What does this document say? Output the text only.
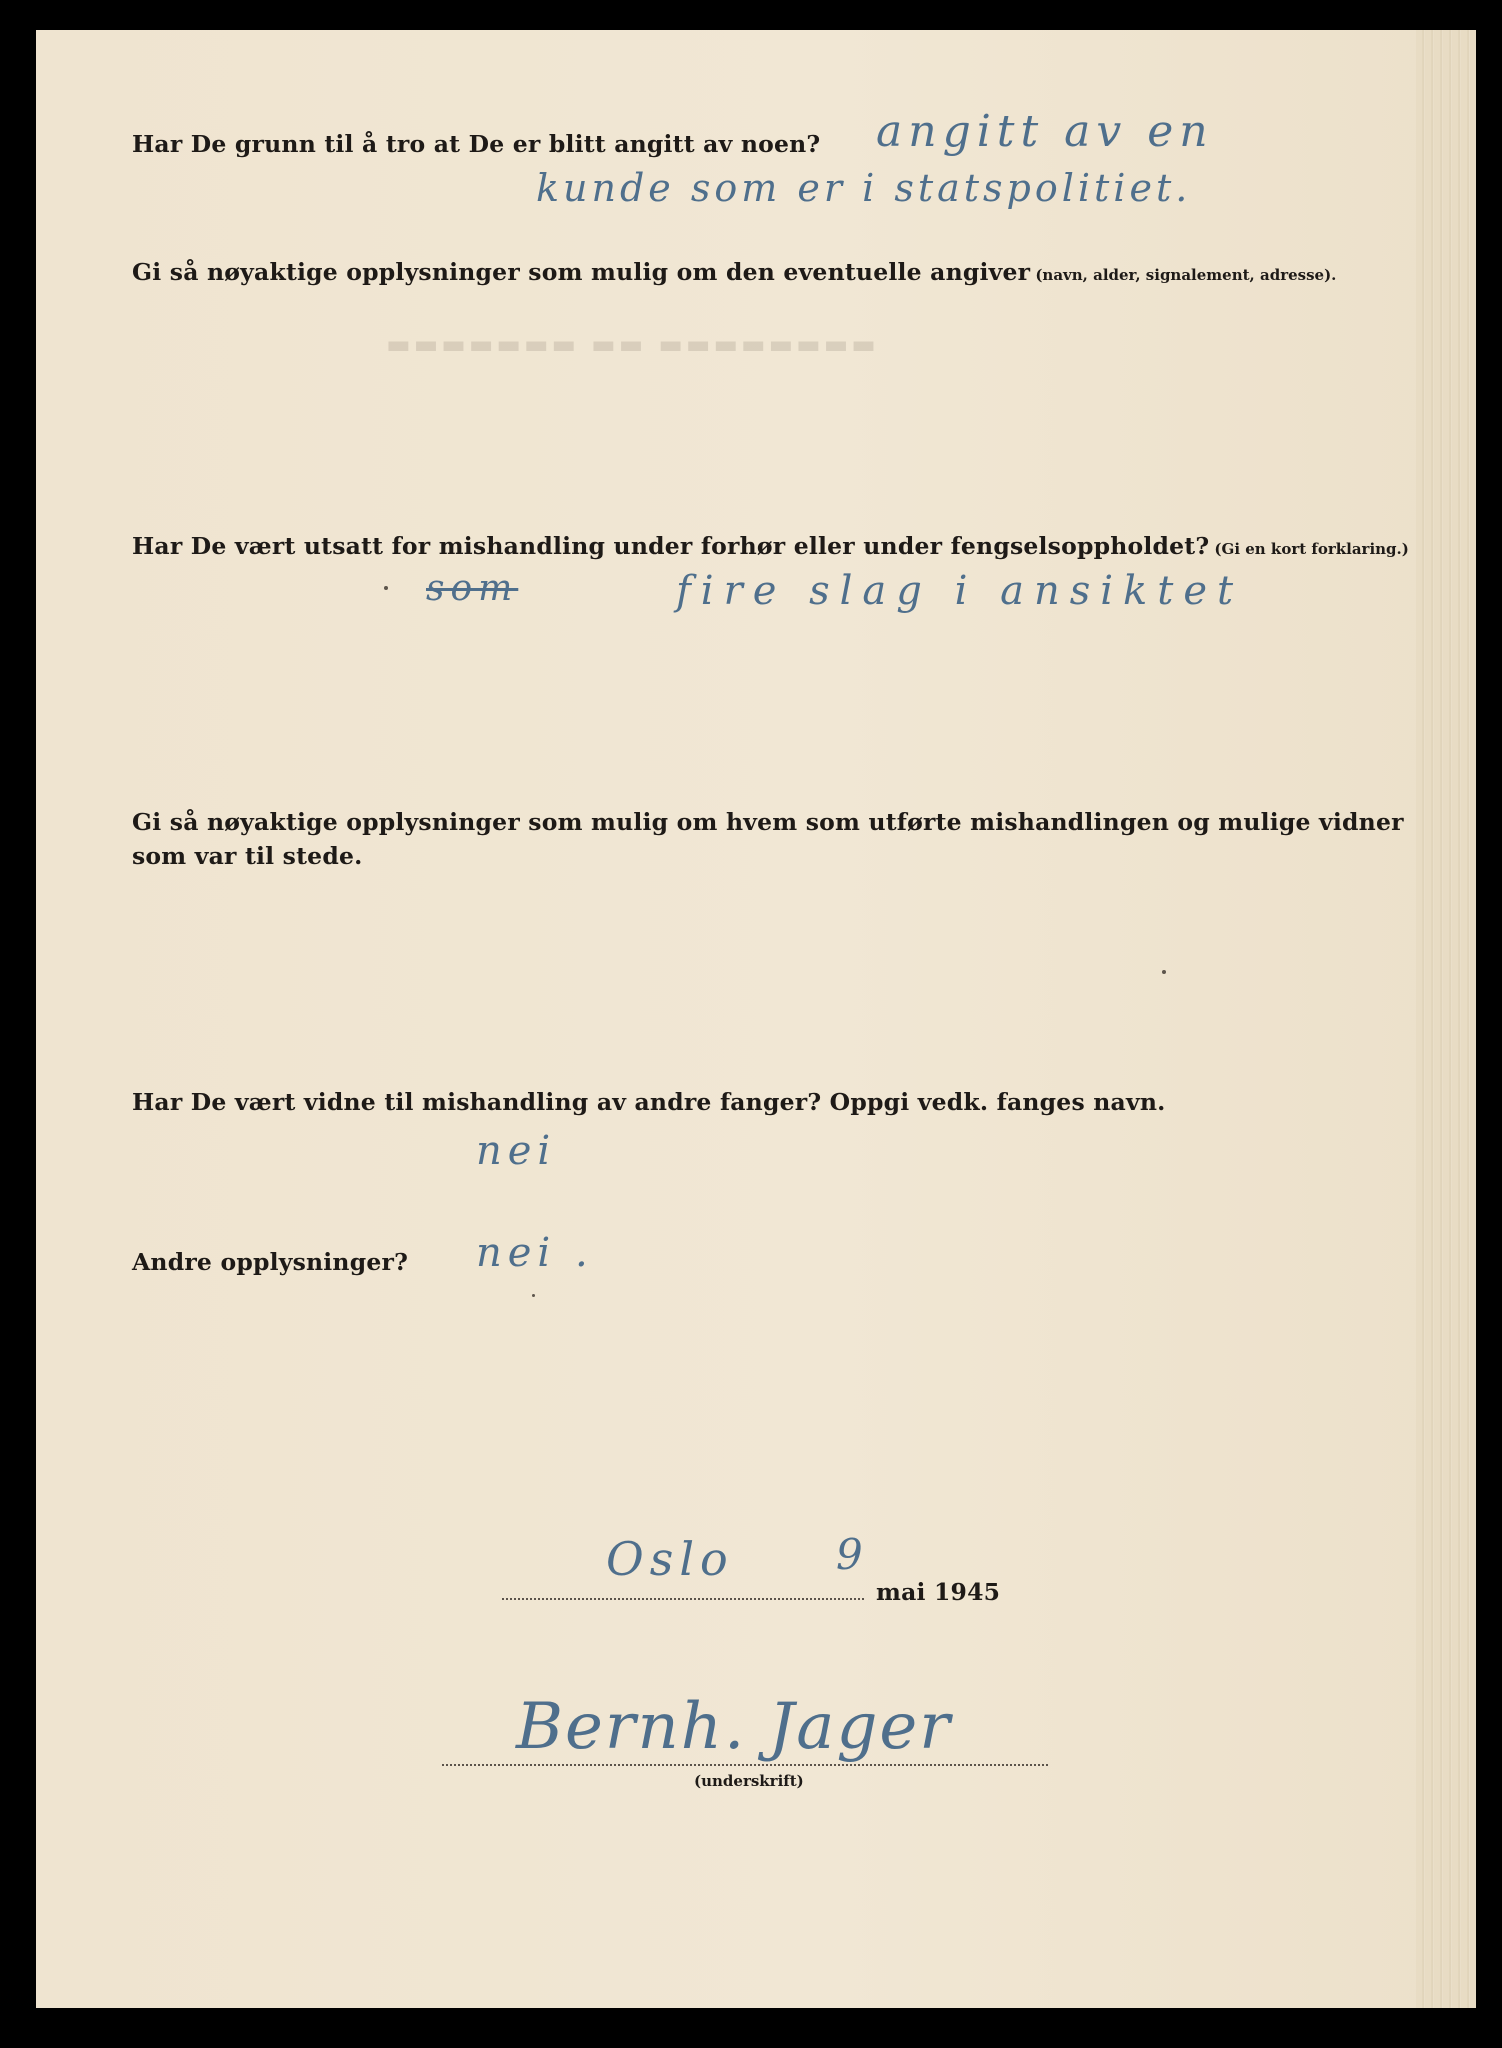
Har De grunn til å tro at De er blitt angitt av noen? angitt av en
kunde som er i statspolitiet.
Gi så nøyaktige opplysninger som mulig om den eventuelle angiver (navn, alder, signalement, adresse).
▬▬▬▬▬▬▬ ▬▬ ▬▬▬▬▬▬▬▬
Har De vært utsatt for mishandling under forhør eller under fengselsoppholdet? (Gi en kort forklaring.)
som	fire slag i ansiktet
Gi så nøyaktige opplysninger som mulig om hvem som utførte mishandlingen og mulige vidner
som var til stede.
Har De vært vidne til mishandling av andre fanger? Oppgi vedk. fanges navn.
nei
Andre opplysninger? nei .
Oslo 9
mai 1945
Bernh. Jager
(underskrift)
